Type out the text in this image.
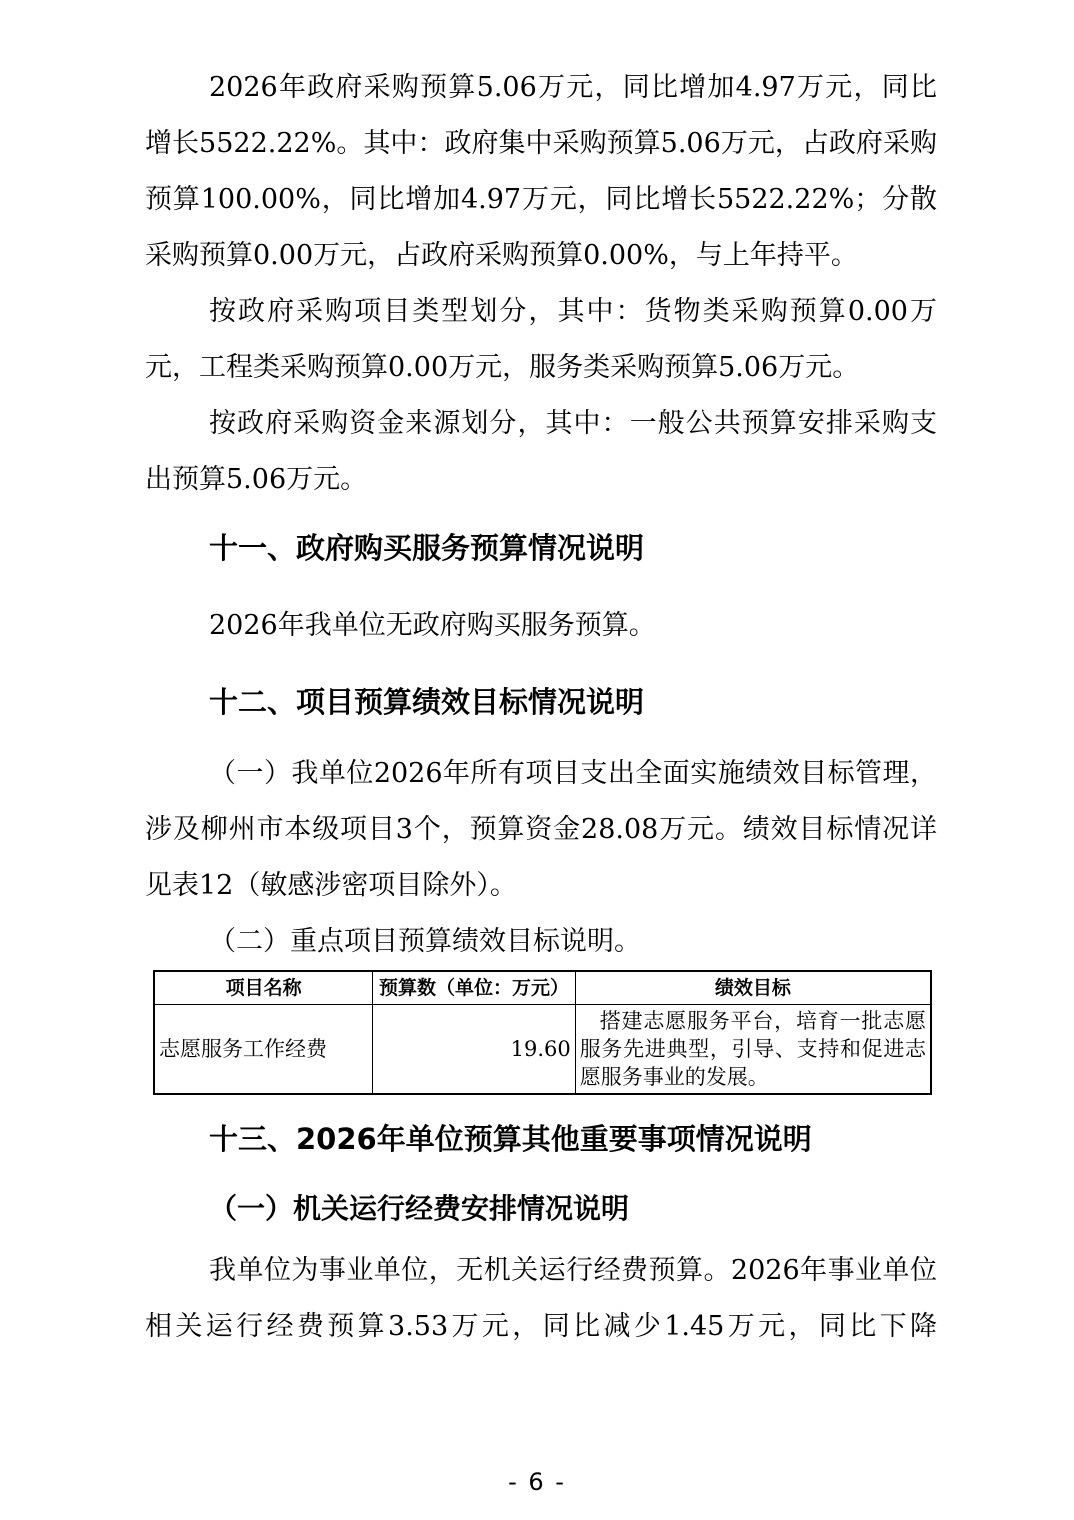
2026年政府采购预算5.06万元，同比增加4.97万元，同比增长5522.22%。其中：政府集中采购预算5.06万元，占政府采购预算100.00%，同比增加4.97万元，同比增长5522.22%；分散采购预算0.00万元，占政府采购预算0.00%，与上年持平。

按政府采购项目类型划分，其中：货物类采购预算0.00万元，工程类采购预算0.00万元，服务类采购预算5.06万元。

按政府采购资金来源划分，其中：一般公共预算安排采购支出预算5.06万元。

十一、政府购买服务预算情况说明

2026年我单位无政府购买服务预算。

十二、项目预算绩效目标情况说明

（一）我单位2026年所有项目支出全面实施绩效目标管理，涉及柳州市本级项目3个，预算资金28.08万元。绩效目标情况详见表12（敏感涉密项目除外）。

（二）重点项目预算绩效目标说明。

项目名称	预算数（单位：万元）	绩效目标
志愿服务工作经费	19.60	搭建志愿服务平台，培育一批志愿服务先进典型，引导、支持和促进志愿服务事业的发展。

十三、2026年单位预算其他重要事项情况说明

（一）机关运行经费安排情况说明

我单位为事业单位，无机关运行经费预算。2026年事业单位相关运行经费预算3.53万元，同比减少1.45万元，同比下降

- 6 -
